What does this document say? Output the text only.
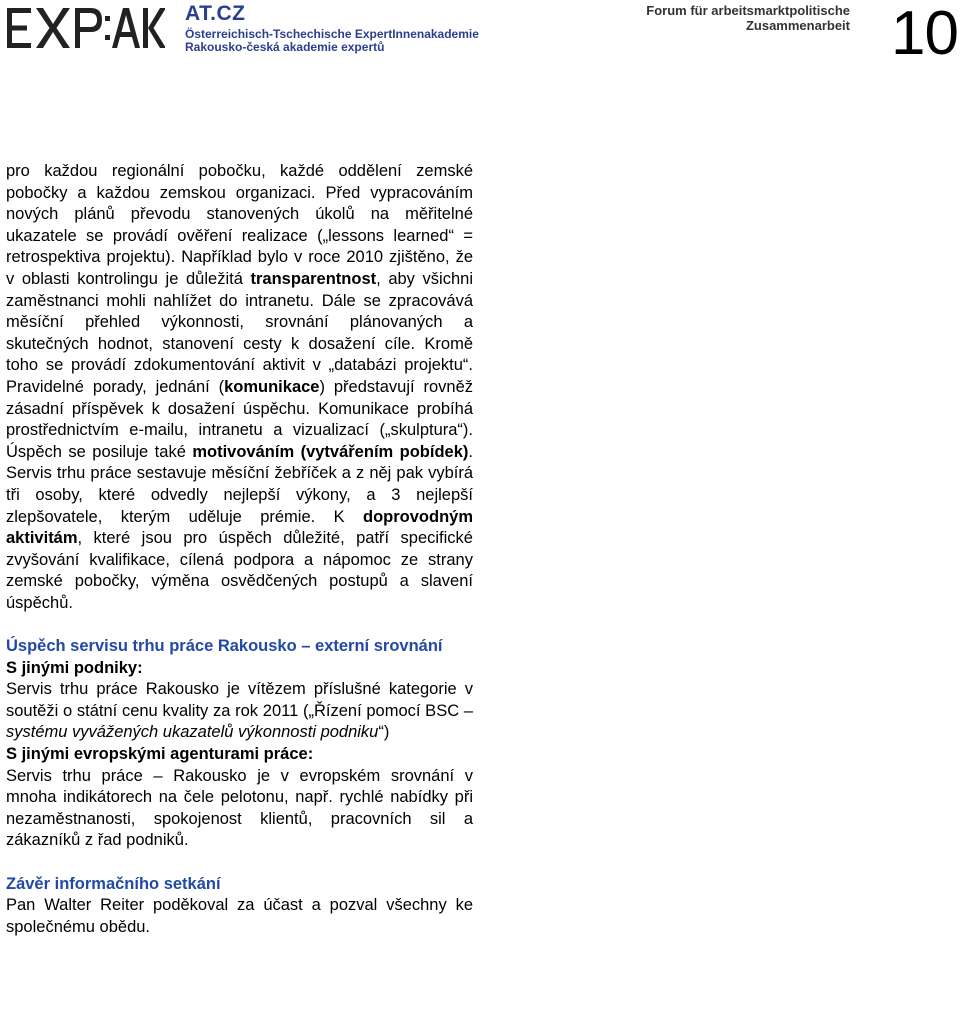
AT.CZ
Österreichisch-Tschechische ExpertInnenakademie
Rakousko-česká akademie expertů
Forum für arbeitsmarktpolitische Zusammenarbeit 10

pro každou regionální pobočku, každé oddělení zemské pobočky a každou zemskou organizaci. Před vypracováním nových plánů převodu stanovených úkolů na měřitelné ukazatele se provádí ověření realizace („lessons learned“ = retrospektiva projektu). Například bylo v roce 2010 zjištěno, že v oblasti kontrolingu je důležitá transparentnost, aby všichni zaměstnanci mohli nahlížet do intranetu. Dále se zpracovává měsíční přehled výkonnosti, srovnání plánovaných a skutečných hodnot, stanovení cesty k dosažení cíle. Kromě toho se provádí zdokumentování aktivit v „databázi projektu“. Pravidelné porady, jednání (komunikace) představují rovněž zásadní příspěvek k dosažení úspěchu. Komunikace probíhá prostřednictvím e-mailu, intranetu a vizualizací („skulptura“). Úspěch se posiluje také motivováním (vytvářením pobídek). Servis trhu práce sestavuje měsíční žebříček a z něj pak vybírá tři osoby, které odvedly nejlepší výkony, a 3 nejlepší zlepšovatele, kterým uděluje prémie. K doprovodným aktivitám, které jsou pro úspěch důležité, patří specifické zvyšování kvalifikace, cílená podpora a nápomoc ze strany zemské pobočky, výměna osvědčených postupů a slavení úspěchů.

Úspěch servisu trhu práce Rakousko – externí srovnání

S jinými podniky:

Servis trhu práce Rakousko je vítězem příslušné kategorie v soutěži o státní cenu kvality za rok 2011 („Řízení pomocí BSC – systému vyvážených ukazatelů výkonnosti podniku“)

S jinými evropskými agenturami práce:

Servis trhu práce – Rakousko je v evropském srovnání v mnoha indikátorech na čele pelotonu, např. rychlé nabídky při nezaměstnanosti, spokojenost klientů, pracovních sil a zákazníků z řad podniků.

Závěr informačního setkání

Pan Walter Reiter poděkoval za účast a pozval všechny ke společnému obědu.
